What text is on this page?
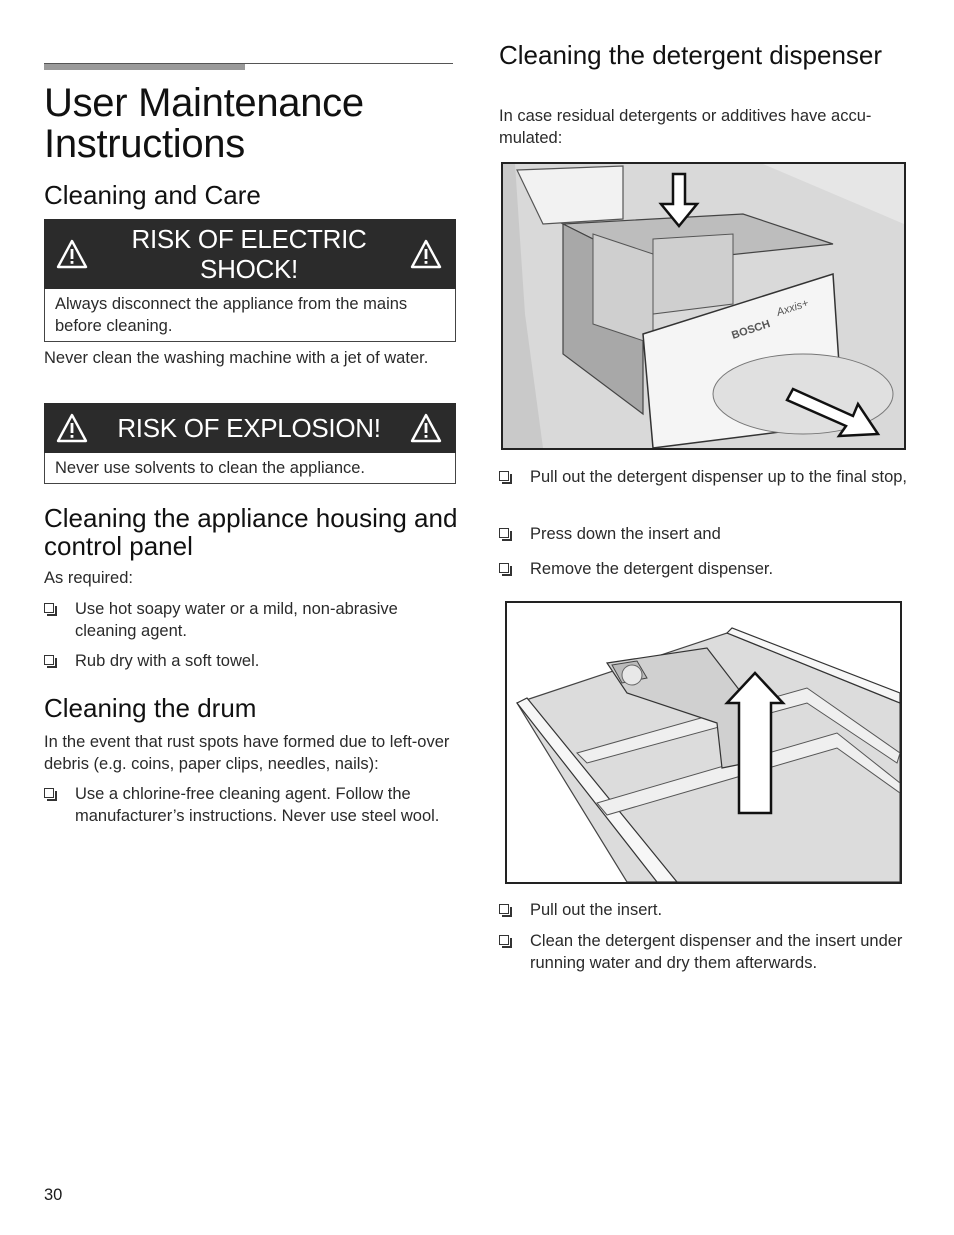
User Maintenance Instructions
Cleaning and Care
RISK OF ELECTRIC SHOCK!
Always disconnect the appliance from the mains before cleaning.
Never clean the washing machine with a jet of water.
RISK OF EXPLOSION!
Never use solvents to clean the appliance.
Cleaning the appliance housing and control panel
As required:
Use hot soapy water or a mild, non-abrasive cleaning agent.
Rub dry with a soft towel.
Cleaning the drum
In the event that rust spots have formed due to left-over debris (e.g. coins, paper clips, needles, nails):
Use a chlorine-free cleaning agent. Follow the manufacturer’s instructions. Never use steel wool.
Cleaning the detergent dispenser
In case residual detergents or additives have accu-mulated:
BOSCH
Axxis+
Pull out the detergent dispenser up to the final stop,
Press down the insert and
Remove the detergent dispenser.
Pull out the insert.
Clean the detergent dispenser and the insert under running water and dry them afterwards.
30
